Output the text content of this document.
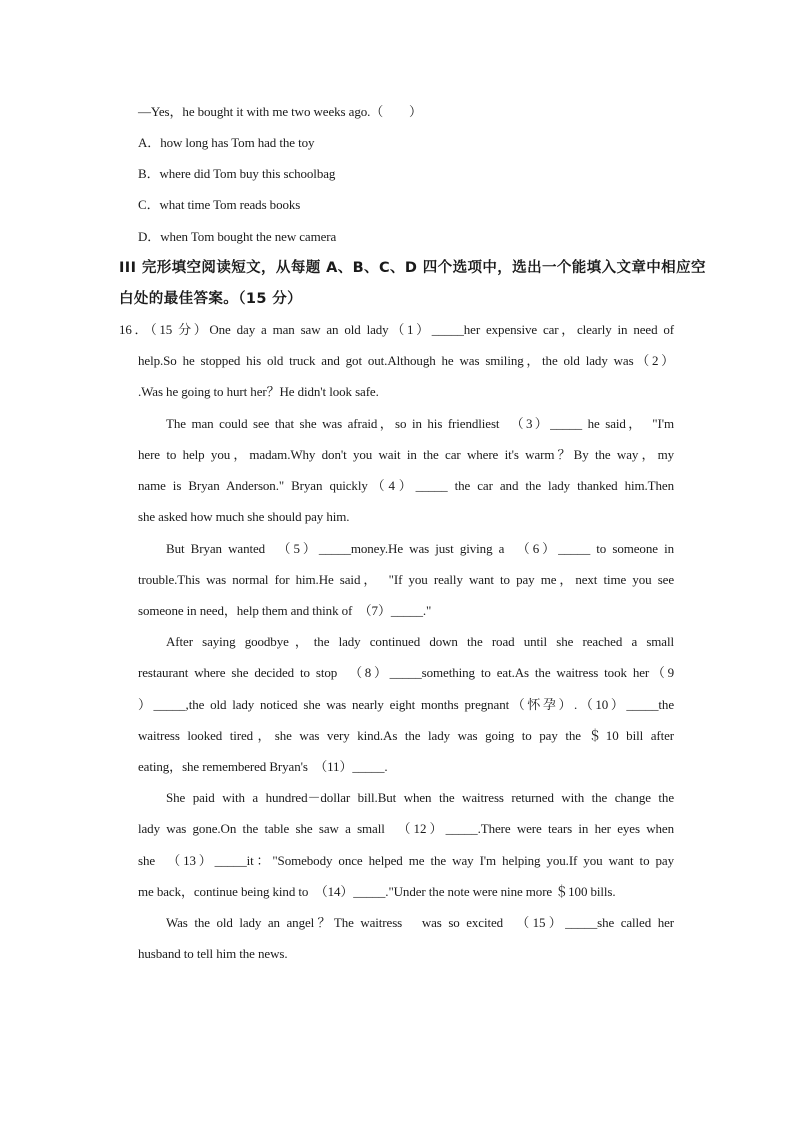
—Yes，he bought it with me two weeks ago.（　　）
A．how long has Tom had the toy
B．where did Tom buy this schoolbag
C．what time Tom reads books
D．when Tom bought the new camera
III 完形填空阅读短文，从每题 A、B、C、D 四个选项中，选出一个能填入文章中相应空
白处的最佳答案。（15 分）
16．（15 分）One day a man saw an old lady（1）_____her expensive car，clearly in need of
help.So he stopped his old truck and got out.Although he was smiling，the old lady was（2）
.Was he going to hurt her？He didn't look safe.
The man could see that she was afraid，so in his friendliest　（3）_____ he said，　"I'm
here to help you，madam.Why don't you wait in the car where it's warm？By the way，my
name is Bryan Anderson." Bryan quickly（4）_____ the car and the lady thanked him.Then
she asked how much she should pay him.
But Bryan wanted　（5）_____money.He was just giving a　（6）_____ to someone in
trouble.This was normal for him.He said，　"If you really want to pay me，next time you see
someone in need，help them and think of　（7）_____."
After saying goodbye，the lady continued down the road until she reached a small
restaurant where she decided to stop　（8）_____something to eat.As the waitress took her（9
）_____,the old lady noticed she was nearly eight months pregnant（怀孕）.（10）_____the
waitress looked tired，she was very kind.As the lady was going to pay the ＄10 bill after
eating，she remembered Bryan's　（11）_____.
She paid with a hundred－dollar bill.But when the waitress returned with the change the
lady was gone.On the table she saw a small　（12）_____.There were tears in her eyes when
she　（13）_____it："Somebody once helped me the way I'm helping you.If you want to pay
me back，continue being kind to　（14）_____."Under the note were nine more ＄100 bills.
Was the old lady an angel？The waitress　was so excited　（15）_____she called her
husband to tell him the news.
